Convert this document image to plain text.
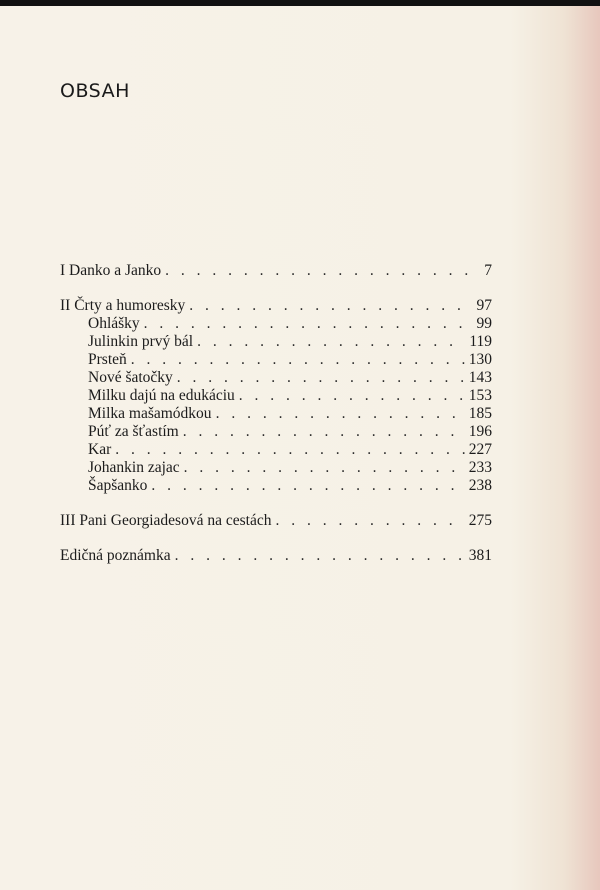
OBSAH
I Danko a Janko . . .	7
II Črty a humoresky . . .	97
Ohlášky . . .	99
Julinkin prvý bál . . .	119
Prsteň . . .	130
Nové šatočky . . .	143
Milku dajú na edukáciu . . .	153
Milka mašamódkou . . .	185
Púť za šťastím . . .	196
Kar . . .	227
Johankin zajac . . .	233
Šapšanko . . .	238
III Pani Georgiadesová na cestách . . .	275
Edičná poznámka . . .	381
